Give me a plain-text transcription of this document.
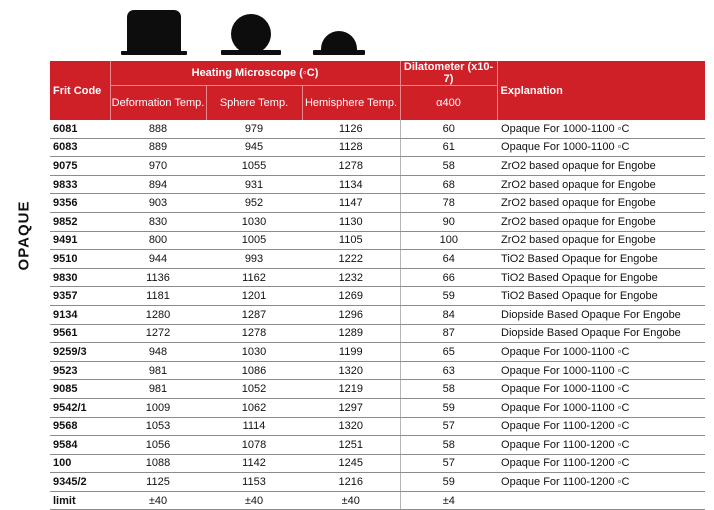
OPAQUE
Frit Code	Heating Microscope (◦C)			Dilatometer (x10-7)	Explanation
	Deformation Temp.	Sphere Temp.	Hemisphere Temp.	α400	
6081	888	979	1126	60	Opaque For 1000-1100 ◦C
6083	889	945	1128	61	Opaque For 1000-1100 ◦C
9075	970	1055	1278	58	ZrO2 based opaque for Engobe
9833	894	931	1134	68	ZrO2 based opaque for Engobe
9356	903	952	1147	78	ZrO2 based opaque for Engobe
9852	830	1030	1130	90	ZrO2 based opaque for Engobe
9491	800	1005	1105	100	ZrO2 based opaque for Engobe
9510	944	993	1222	64	TiO2 Based Opaque for Engobe
9830	1136	1162	1232	66	TiO2 Based Opaque for Engobe
9357	1181	1201	1269	59	TiO2 Based Opaque for Engobe
9134	1280	1287	1296	84	Diopside Based Opaque For Engobe
9561	1272	1278	1289	87	Diopside Based Opaque For Engobe
9259/3	948	1030	1199	65	Opaque For 1000-1100 ◦C
9523	981	1086	1320	63	Opaque For 1000-1100 ◦C
9085	981	1052	1219	58	Opaque For 1000-1100 ◦C
9542/1	1009	1062	1297	59	Opaque For 1000-1100 ◦C
9568	1053	1114	1320	57	Opaque For 1100-1200 ◦C
9584	1056	1078	1251	58	Opaque For 1100-1200 ◦C
100	1088	1142	1245	57	Opaque For 1100-1200 ◦C
9345/2	1125	1153	1216	59	Opaque For 1100-1200 ◦C
limit	±40	±40	±40	±4	
